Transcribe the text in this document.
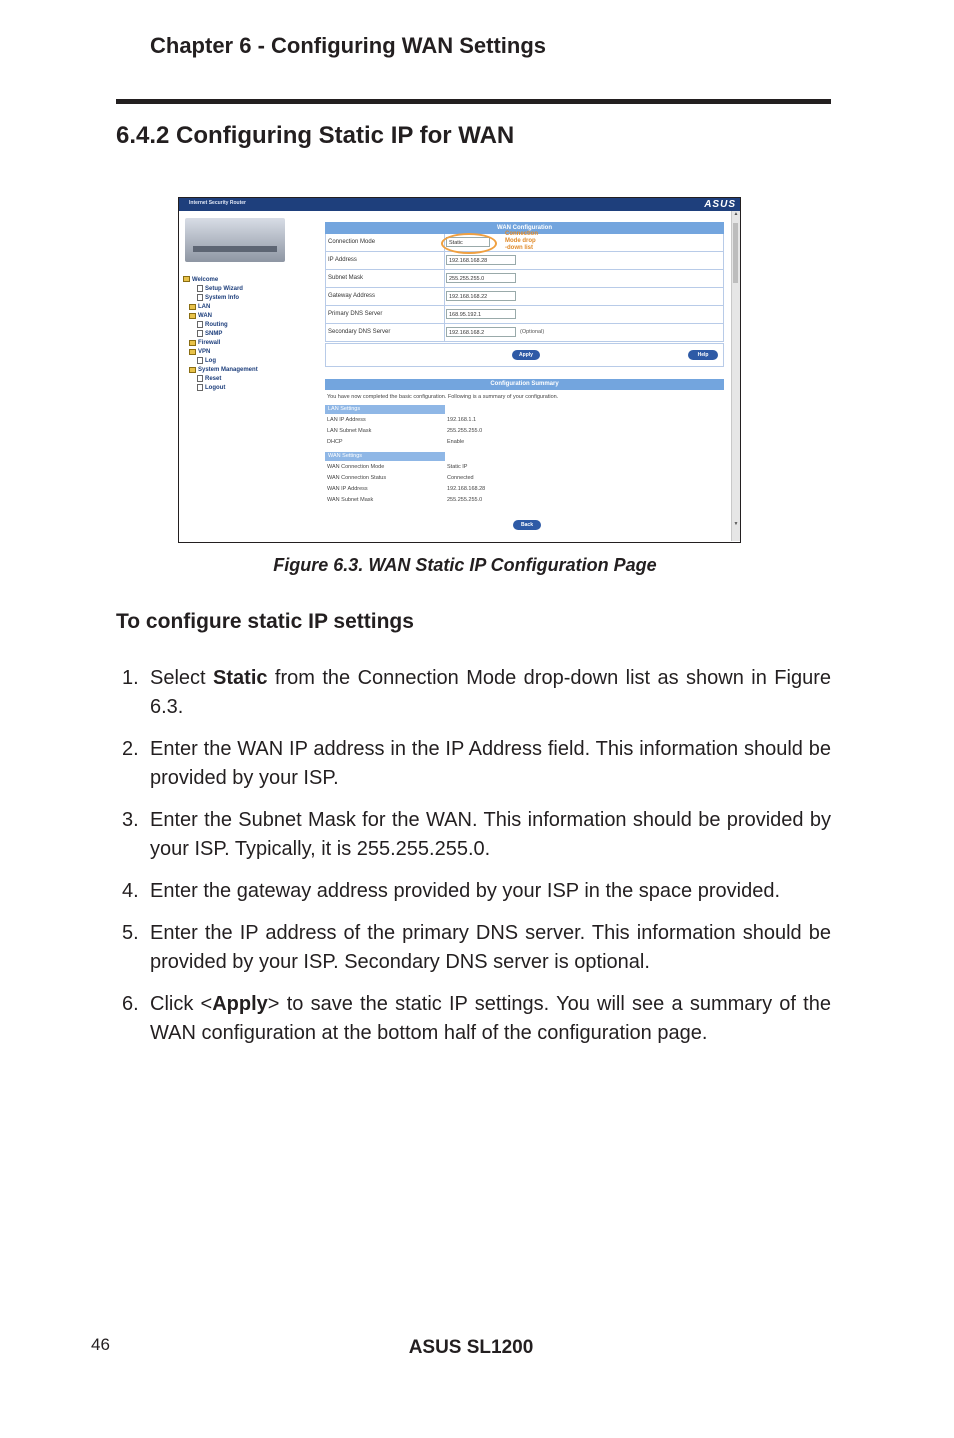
Chapter 6 - Configuring WAN Settings
6.4.2 Configuring Static IP for WAN
Internet Security Router	ASUS
Welcome
Setup Wizard
System Info
LAN
WAN
Routing
SNMP
Firewall
VPN
Log
System Management
Reset
Logout
WAN Configuration
Connection Mode	Static
IP Address	192.168.168.28
Subnet Mask	255.255.255.0
Gateway Address	192.168.168.22
Primary DNS Server	168.95.192.1
Secondary DNS Server	192.168.168.2	(Optional)
Connection
Mode drop
-down list
Apply	Help
Configuration Summary
You have now completed the basic configuration. Following is a summary of your configuration.
LAN Settings
LAN IP Address	192.168.1.1
LAN Subnet Mask	255.255.255.0
DHCP	Enable
WAN Settings
WAN Connection Mode	Static IP
WAN Connection Status	Connected
WAN IP Address	192.168.168.28
WAN Subnet Mask	255.255.255.0
Back
▲
▼
Figure 6.3. WAN Static IP Configuration Page
To configure static IP settings
1. Select Static from the Connection Mode drop-down list as shown in Figure 6.3.
2. Enter the WAN IP address in the IP Address field. This information should be provided by your ISP.
3. Enter the Subnet Mask for the WAN. This information should be provided by your ISP. Typically, it is 255.255.255.0.
4. Enter the gateway address provided by your ISP in the space provided.
5. Enter the IP address of the primary DNS server. This information should be provided by your ISP. Secondary DNS server is optional.
6. Click <Apply> to save the static IP settings. You will see a summary of the WAN configuration at the bottom half of the configuration page.
46	ASUS SL1200
